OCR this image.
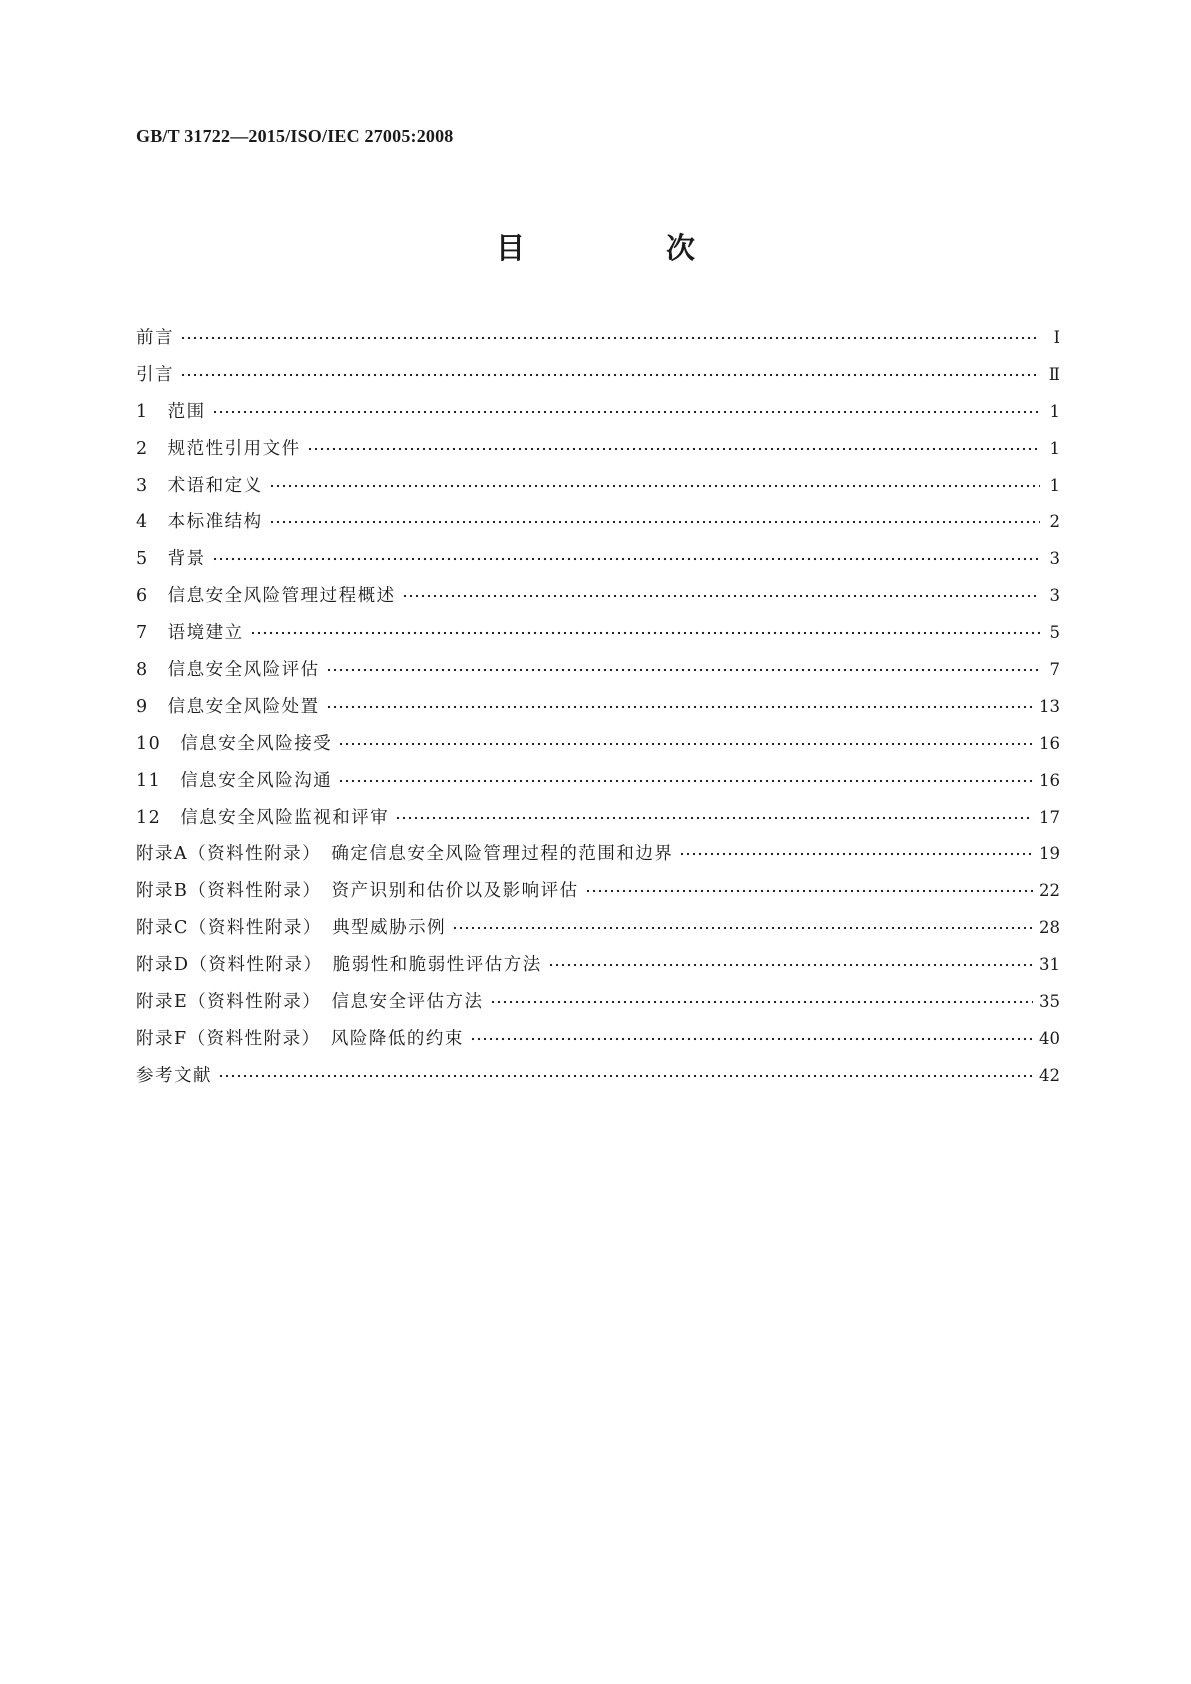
GB/T 31722—2015/ISO/IEC 27005:2008
目　次
前言	Ⅰ
引言	Ⅱ
1　范围	1
2　规范性引用文件	1
3　术语和定义	1
4　本标准结构	2
5　背景	3
6　信息安全风险管理过程概述	3
7　语境建立	5
8　信息安全风险评估	7
9　信息安全风险处置	13
10　信息安全风险接受	16
11　信息安全风险沟通	16
12　信息安全风险监视和评审	17
附录A（资料性附录）　确定信息安全风险管理过程的范围和边界	19
附录B（资料性附录）　资产识别和估价以及影响评估	22
附录C（资料性附录）　典型威胁示例	28
附录D（资料性附录）　脆弱性和脆弱性评估方法	31
附录E（资料性附录）　信息安全评估方法	35
附录F（资料性附录）　风险降低的约束	40
参考文献	42
